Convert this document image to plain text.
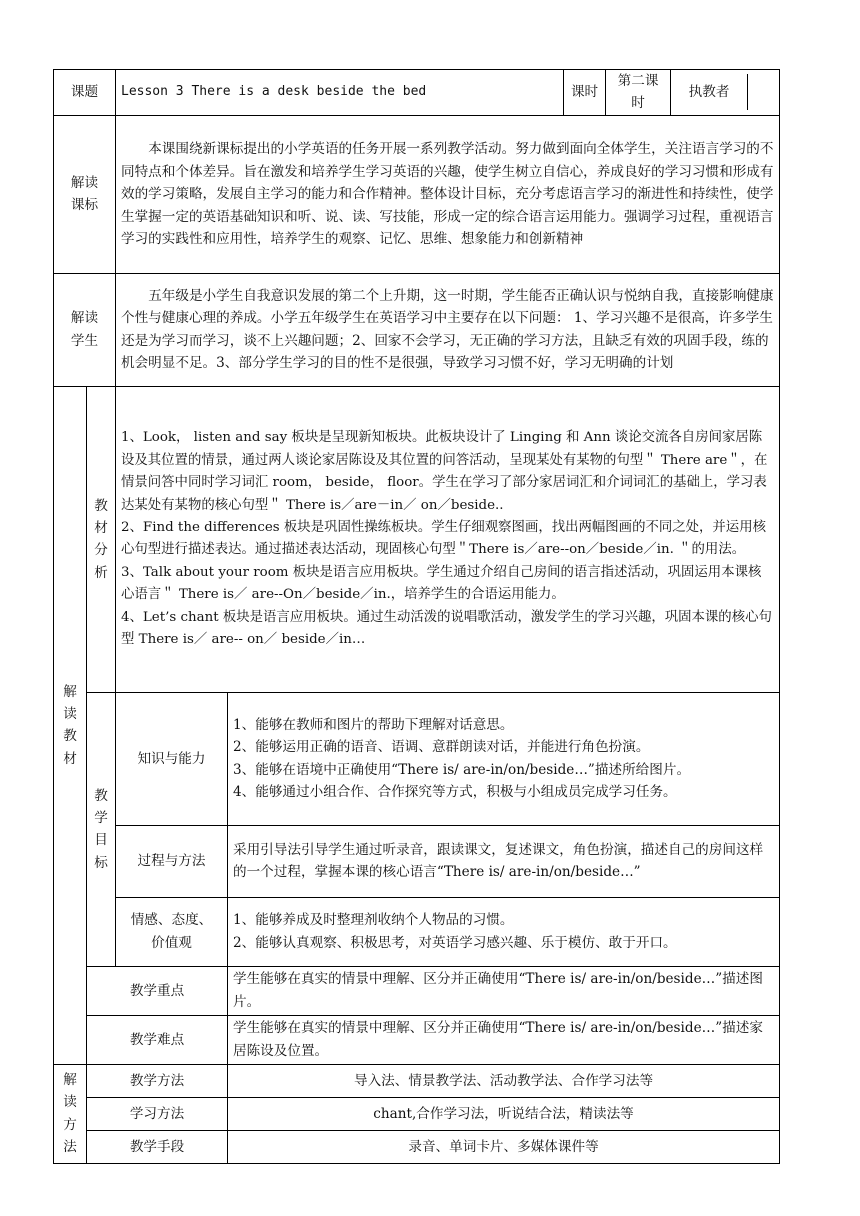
课题		Lesson 3 There is a desk beside the bed		课时	第二课时	执教者

解读课标		本课围绕新课标提出的小学英语的任务开展一系列教学活动。努力做到面向全体学生，关注语言学习的不同特点和个体差异。旨在激发和培养学生学习英语的兴趣，使学生树立自信心，养成良好的学习习惯和形成有效的学习策略，发展自主学习的能力和合作精神。整体设计目标，充分考虑语言学习的渐进性和持续性，使学生掌握一定的英语基础知识和听、说、读、写技能，形成一定的综合语言运用能力。强调学习过程，重视语言学习的实践性和应用性，培养学生的观察、记忆、思维、想象能力和创新精神				

解读学生		五年级是小学生自我意识发展的第二个上升期，这一时期，学生能否正确认识与悦纳自我，直接影响健康个性与健康心理的养成。小学五年级学生在英语学习中主要存在以下问题： 1、学习兴趣不是很高，许多学生还是为学习而学习，谈不上兴趣问题；2、回家不会学习，无正确的学习方法，且缺乏有效的巩固手段，练的机会明显不足。3、部分学生学习的目的性不是很强，导致学习习惯不好，学习无明确的计划				

解读教材	教材分析	1、Look， listen and say 板块是呈现新知板块。此板块设计了 Linging 和 Ann 谈论交流各自房间家居陈设及其位置的情景，通过两人谈论家居陈设及其位置的问答活动，呈现某处有某物的句型＂ There are＂，在情景问答中同时学习词汇 room， beside， floor。学生在学习了部分家居词汇和介词词汇的基础上，学习表达某处有某物的核心句型＂ There is／are－in／ on／beside..
2、Find the differences 板块是巩固性操练板块。学生仔细观察图画，找出两幅图画的不同之处，并运用核心句型进行描述表达。通过描述表达活动，现固核心句型＂There is／are--on／beside／in. ＂的用法。
3、Talk about your room 板块是语言应用板块。学生通过介绍自己房间的语言指述活动，巩固运用本课核心语言＂ There is／ are--On／beside／in.，培养学生的合语运用能力。
4、Let’s chant 板块是语言应用板块。通过生动活泼的说唱歌活动，激发学生的学习兴趣，巩固本课的核心句型 There is／ are-- on／ beside／in…				

	教学目标	知识与能力	1、能够在教师和图片的帮助下理解对话意思。
2、能够运用正确的语音、语调、意群朗读对话，并能进行角色扮演。
3、能够在语境中正确使用“There is/ are-in/on/beside…”描述所给图片。
4、能够通过小组合作、合作探究等方式，积极与小组成员完成学习任务。			

		过程与方法	采用引导法引导学生通过听录音，跟读课文，复述课文，角色扮演，描述自己的房间这样的一个过程，掌握本课的核心语言“There is/ are-in/on/beside…”			
		情感、态度、价值观	1、能够养成及时整理剂收纳个人物品的习惯。
2、能够认真观察、积极思考，对英语学习感兴趣、乐于模仿、敢于开口。			

	教学重点		学生能够在真实的情景中理解、区分并正确使用“There is/ are-in/on/beside…”描述图片。			
	教学难点		学生能够在真实的情景中理解、区分并正确使用“There is/ are-in/on/beside…”描述家居陈设及位置。			

解读方法	教学方法		导入法、情景教学法、活动教学法、合作学习法等			
	学习方法		chant,合作学习法，听说结合法，精读法等			
	教学手段		录音、单词卡片、多媒体课件等			
